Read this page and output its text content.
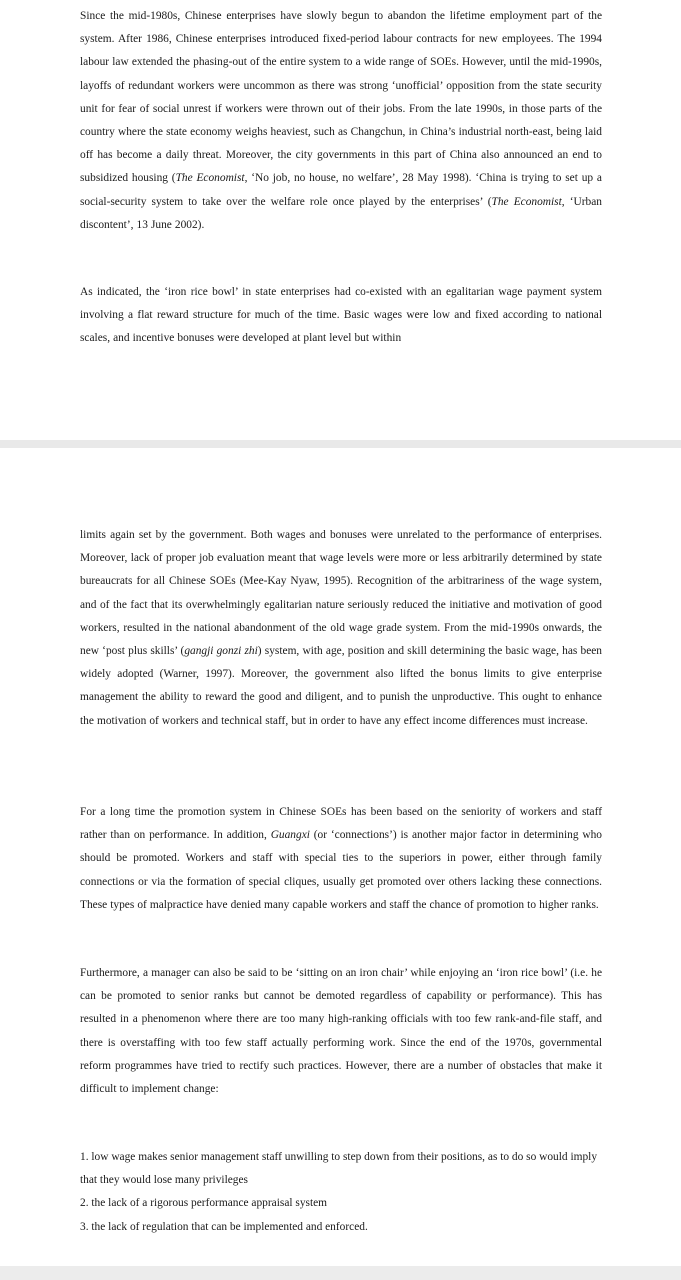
Since the mid-1980s, Chinese enterprises have slowly begun to abandon the lifetime employment part of the system. After 1986, Chinese enterprises introduced fixed-period labour contracts for new employees. The 1994 labour law extended the phasing-out of the entire system to a wide range of SOEs. However, until the mid-1990s, layoffs of redundant workers were uncommon as there was strong ‘unofficial’ opposition from the state security unit for fear of social unrest if workers were thrown out of their jobs. From the late 1990s, in those parts of the country where the state economy weighs heaviest, such as Changchun, in China’s industrial north-east, being laid off has become a daily threat. Moreover, the city governments in this part of China also announced an end to subsidized housing (The Economist, ‘No job, no house, no welfare’, 28 May 1998). ‘China is trying to set up a social-security system to take over the welfare role once played by the enterprises’ (The Economist, ‘Urban discontent’, 13 June 2002).

As indicated, the ‘iron rice bowl’ in state enterprises had co-existed with an egalitarian wage payment system involving a flat reward structure for much of the time. Basic wages were low and fixed according to national scales, and incentive bonuses were developed at plant level but within

limits again set by the government. Both wages and bonuses were unrelated to the performance of enterprises. Moreover, lack of proper job evaluation meant that wage levels were more or less arbitrarily determined by state bureaucrats for all Chinese SOEs (Mee-Kay Nyaw, 1995). Recognition of the arbitrariness of the wage system, and of the fact that its overwhelmingly egalitarian nature seriously reduced the initiative and motivation of good workers, resulted in the national abandonment of the old wage grade system. From the mid-1990s onwards, the new ‘post plus skills’ (gangji gonzi zhi) system, with age, position and skill determining the basic wage, has been widely adopted (Warner, 1997). Moreover, the government also lifted the bonus limits to give enterprise management the ability to reward the good and diligent, and to punish the unproductive. This ought to enhance the motivation of workers and technical staff, but in order to have any effect income differences must increase.

For a long time the promotion system in Chinese SOEs has been based on the seniority of workers and staff rather than on performance. In addition, Guangxi (or ‘connections’) is another major factor in determining who should be promoted. Workers and staff with special ties to the superiors in power, either through family connections or via the formation of special cliques, usually get promoted over others lacking these connections. These types of malpractice have denied many capable workers and staff the chance of promotion to higher ranks.

Furthermore, a manager can also be said to be ‘sitting on an iron chair’ while enjoying an ‘iron rice bowl’ (i.e. he can be promoted to senior ranks but cannot be demoted regardless of capability or performance). This has resulted in a phenomenon where there are too many high-ranking officials with too few rank-and-file staff, and there is overstaffing with too few staff actually performing work. Since the end of the 1970s, governmental reform programmes have tried to rectify such practices. However, there are a number of obstacles that make it difficult to implement change:

1. low wage makes senior management staff unwilling to step down from their positions, as to do so would imply that they would lose many privileges

2. the lack of a rigorous performance appraisal system

3. the lack of regulation that can be implemented and enforced.
